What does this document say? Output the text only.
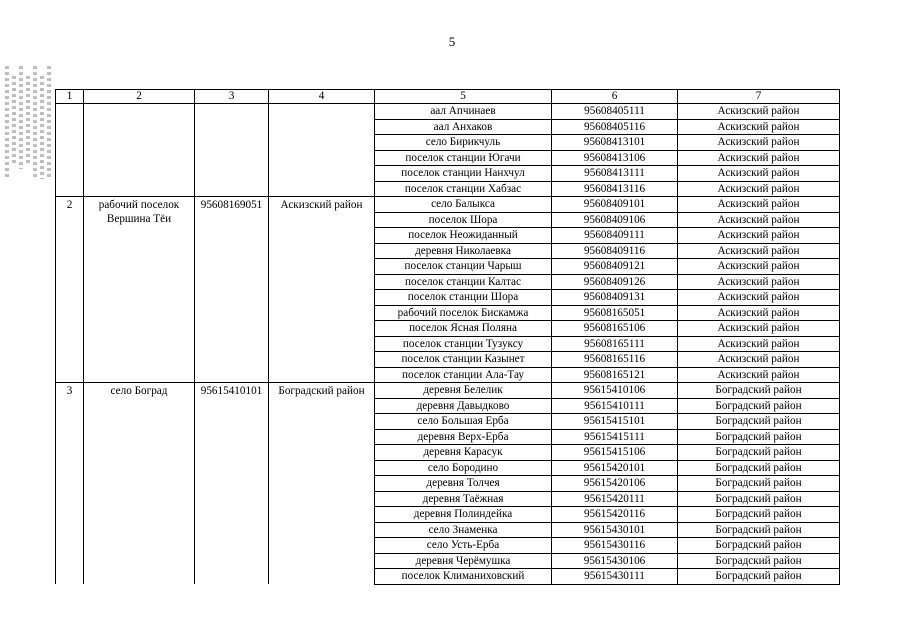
5
1	2	3	4	5	6	7
				аал Апчинаев	95608405111	Аскизский район
				аал Анхаков	95608405116	Аскизский район
				село Бирикчуль	95608413101	Аскизский район
				поселок станции Югачи	95608413106	Аскизский район
				поселок станции Нанхчул	95608413111	Аскизский район
				поселок станции Хабзас	95608413116	Аскизский район
2	рабочий поселок Вершина Тёи	95608169051	Аскизский район	село Балыкса	95608409101	Аскизский район
				поселок Шора	95608409106	Аскизский район
				поселок Неожиданный	95608409111	Аскизский район
				деревня Николаевка	95608409116	Аскизский район
				поселок станции Чарыш	95608409121	Аскизский район
				поселок станции Калтас	95608409126	Аскизский район
				поселок станции Шора	95608409131	Аскизский район
				рабочий поселок Бискамжа	95608165051	Аскизский район
				поселок Ясная Поляна	95608165106	Аскизский район
				поселок станции Тузуксу	95608165111	Аскизский район
				поселок станции Казынет	95608165116	Аскизский район
				поселок станции Ала-Тау	95608165121	Аскизский район
3	село Боград	95615410101	Боградский район	деревня Белелик	95615410106	Боградский район
				деревня Давыдково	95615410111	Боградский район
				село Большая Ерба	95615415101	Боградский район
				деревня Верх-Ерба	95615415111	Боградский район
				деревня Карасук	95615415106	Боградский район
				село Бородино	95615420101	Боградский район
				деревня Толчея	95615420106	Боградский район
				деревня Таёжная	95615420111	Боградский район
				деревня Полиндейка	95615420116	Боградский район
				село Знаменка	95615430101	Боградский район
				село Усть-Ерба	95615430116	Боградский район
				деревня Черёмушка	95615430106	Боградский район
				поселок Климаниховский	95615430111	Боградский район
